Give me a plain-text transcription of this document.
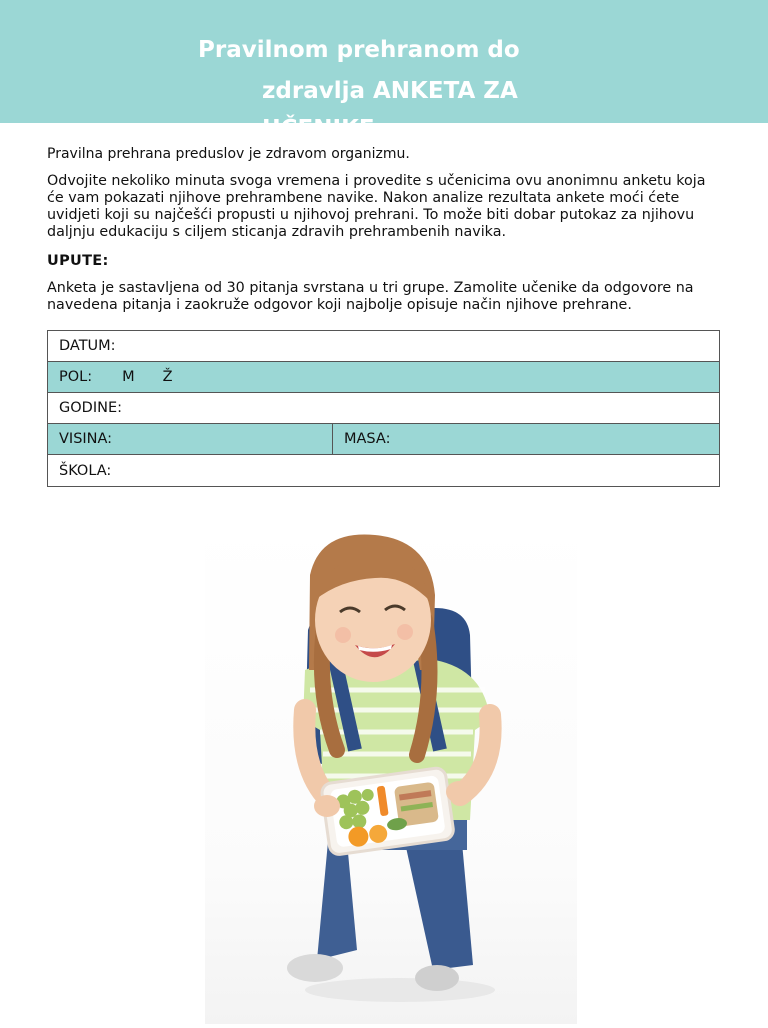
Pravilnom prehranom do
zdravlja ANKETA ZA
UČENIKE

Pravilna prehrana preduslov je zdravom organizmu.

Odvojite nekoliko minuta svoga vremena i provedite s učenicima ovu anonimnu anketu koja će vam pokazati njihove prehrambene navike. Nakon analize rezultata ankete moći ćete uvidjeti koji su najčešći propusti u njihovoj prehrani. To može biti dobar putokaz za njihovu daljnju edukaciju s ciljem sticanja zdravih prehrambenih navika.

UPUTE:

Anketa je sastavljena od 30 pitanja svrstana u tri grupe. Zamolite učenike da odgovore na navedena pitanja i zaokruže odgovor koji najbolje opisuje način njihove prehrane.

DATUM:
POL: M Ž
GODINE:
VISINA:	MASA:
ŠKOLA:
